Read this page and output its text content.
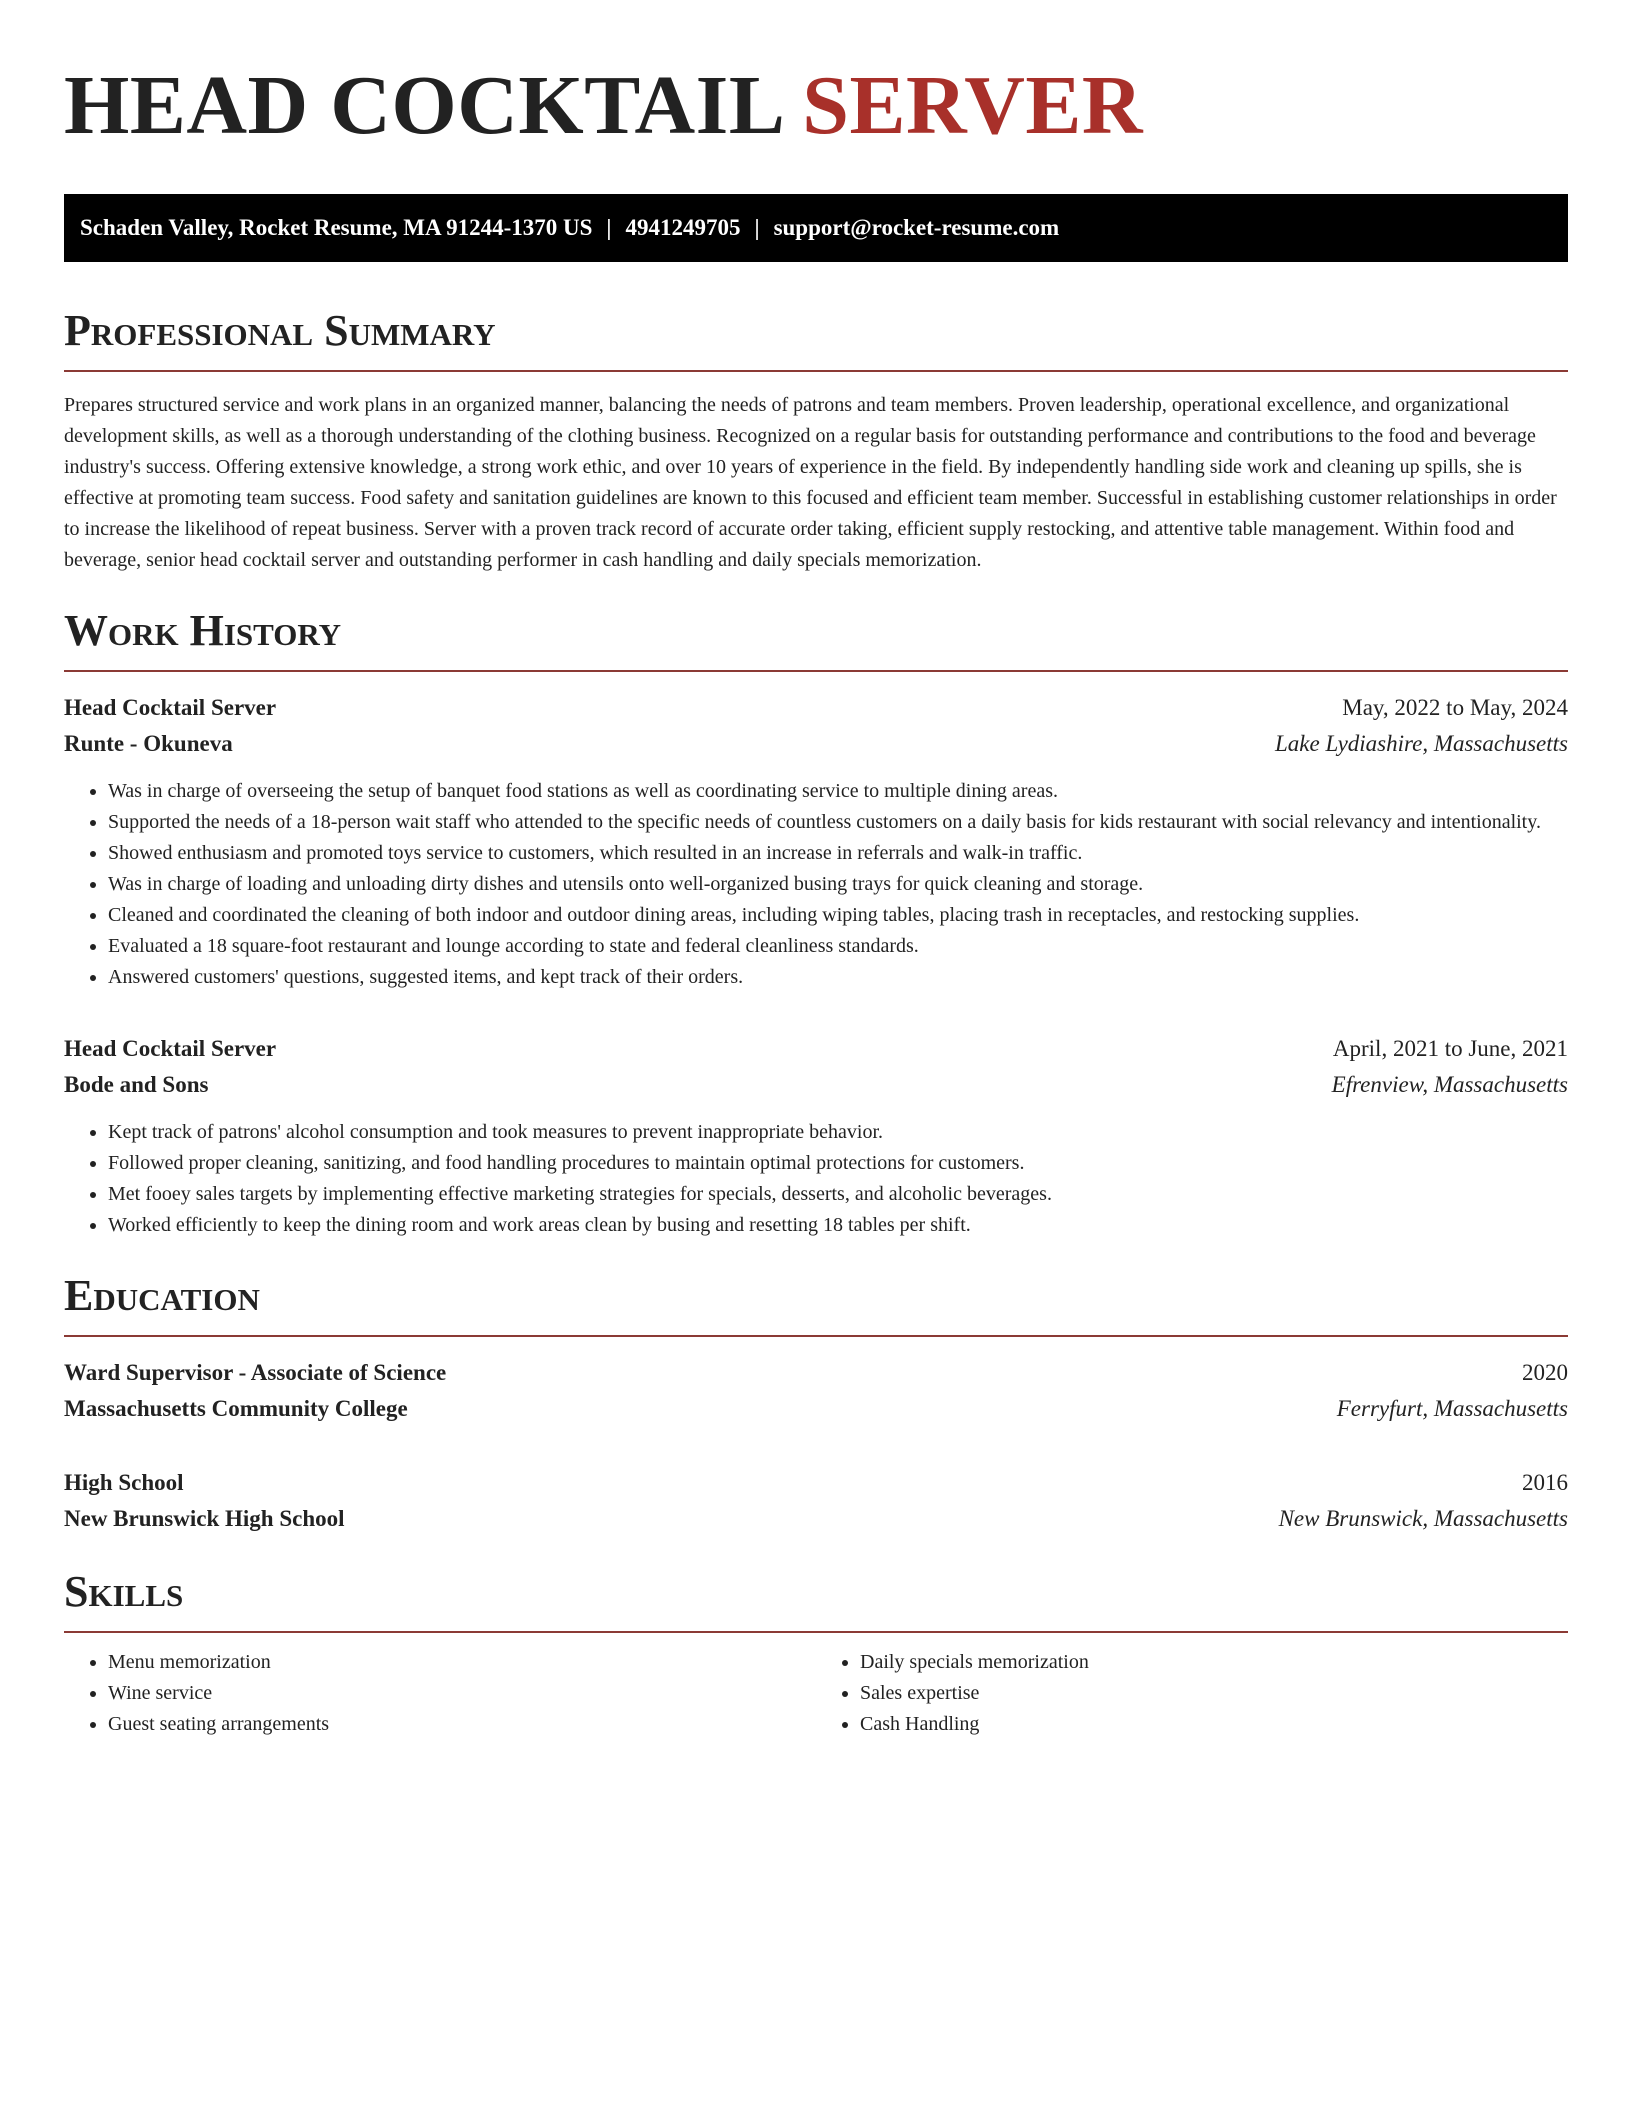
HEAD COCKTAIL SERVER
Schaden Valley, Rocket Resume, MA 91244-1370 US | 4941249705 | support@rocket-resume.com
Professional Summary

Prepares structured service and work plans in an organized manner, balancing the needs of patrons and team members. Proven leadership, operational excellence, and organizational development skills, as well as a thorough understanding of the clothing business. Recognized on a regular basis for outstanding performance and contributions to the food and beverage industry's success. Offering extensive knowledge, a strong work ethic, and over 10 years of experience in the field. By independently handling side work and cleaning up spills, she is effective at promoting team success. Food safety and sanitation guidelines are known to this focused and efficient team member. Successful in establishing customer relationships in order to increase the likelihood of repeat business. Server with a proven track record of accurate order taking, efficient supply restocking, and attentive table management. Within food and beverage, senior head cocktail server and outstanding performer in cash handling and daily specials memorization.

Work History
Head Cocktail Server	May, 2022 to May, 2024
Runte - Okuneva	Lake Lydiashire, Massachusetts
• Was in charge of overseeing the setup of banquet food stations as well as coordinating service to multiple dining areas.
• Supported the needs of a 18-person wait staff who attended to the specific needs of countless customers on a daily basis for kids restaurant with social relevancy and intentionality.
• Showed enthusiasm and promoted toys service to customers, which resulted in an increase in referrals and walk-in traffic.
• Was in charge of loading and unloading dirty dishes and utensils onto well-organized busing trays for quick cleaning and storage.
• Cleaned and coordinated the cleaning of both indoor and outdoor dining areas, including wiping tables, placing trash in receptacles, and restocking supplies.
• Evaluated a 18 square-foot restaurant and lounge according to state and federal cleanliness standards.
• Answered customers' questions, suggested items, and kept track of their orders.
Head Cocktail Server	April, 2021 to June, 2021
Bode and Sons	Efrenview, Massachusetts
• Kept track of patrons' alcohol consumption and took measures to prevent inappropriate behavior.
• Followed proper cleaning, sanitizing, and food handling procedures to maintain optimal protections for customers.
• Met fooey sales targets by implementing effective marketing strategies for specials, desserts, and alcoholic beverages.
• Worked efficiently to keep the dining room and work areas clean by busing and resetting 18 tables per shift.
Education
Ward Supervisor - Associate of Science	2020
Massachusetts Community College	Ferryfurt, Massachusetts
High School	2016
New Brunswick High School	New Brunswick, Massachusetts
Skills
• Menu memorization
• Wine service
• Guest seating arrangements
• Daily specials memorization
• Sales expertise
• Cash Handling
